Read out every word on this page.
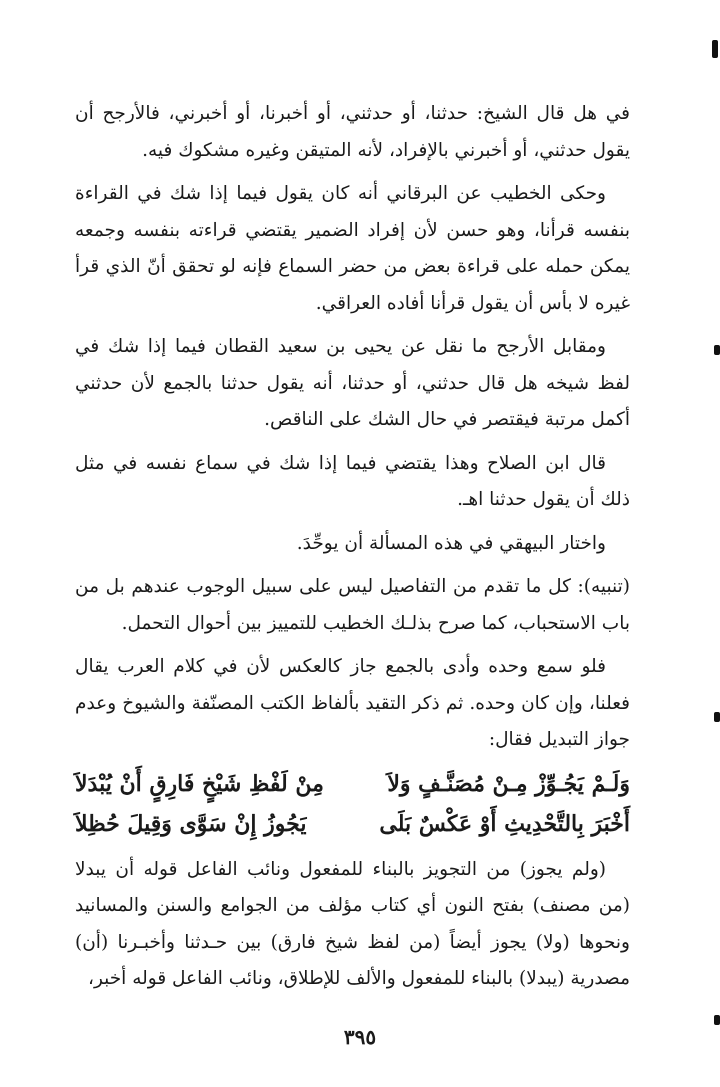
في هل قال الشيخ: حدثنا، أو حدثني، أو أخبرنا، أو أخبرني، فالأرجح أن يقول حدثني، أو أخبرني بالإفراد، لأنه المتيقن وغيره مشكوك فيه.

وحكى الخطيب عن البرقاني أنه كان يقول فيما إذا شك في القراءة بنفسه قرأنا، وهو حسن لأن إفراد الضمير يقتضي قراءته بنفسه وجمعه يمكن حمله على قراءة بعض من حضر السماع فإنه لو تحقق أنّ الذي قرأ غيره لا بأس أن يقول قرأنا أفاده العراقي.

ومقابل الأرجح ما نقل عن يحيى بن سعيد القطان فيما إذا شك في لفظ شيخه هل قال حدثني، أو حدثنا، أنه يقول حدثنا بالجمع لأن حدثني أكمل مرتبة فيقتصر في حال الشك على الناقص.

قال ابن الصلاح وهذا يقتضي فيما إذا شك في سماع نفسه في مثل ذلك أن يقول حدثنا اهـ.

واختار البيهقي في هذه المسألة أن يوحِّدَ.

(تنبيه): كل ما تقدم من التفاصيل ليس على سبيل الوجوب عندهم بل من باب الاستحباب، كما صرح بذلـك الخطيب للتمييز بين أحوال التحمل.

فلو سمع وحده وأدى بالجمع جاز كالعكس لأن في كلام العرب يقال فعلنا، وإن كان وحده. ثم ذكر التقيد بألفاظ الكتب المصنّفة والشيوخ وعدم جواز التبديل فقال:

وَلَـمْ يَجُـوِّزْ مِـنْ مُصَنَّـفٍ وَلاَ
مِنْ لَفْظِ شَيْخٍ فَارِقٍ أَنْ يُبْدَلاَ
أَخْبَرَ بِالتَّحْدِيثِ أَوْ عَكْسٌ بَلَى
يَجُوزُ إِنْ سَوَّى وَقِيلَ حُظِلاَ

(ولم يجوز) من التجويز بالبناء للمفعول ونائب الفاعل قوله أن يبدلا (من مصنف) بفتح النون أي كتاب مؤلف من الجوامع والسنن والمسانيد ونحوها (ولا) يجوز أيضاً (من لفظ شيخ فارق) بين حـدثنا وأخبـرنا (أن) مصدرية (يبدلا) بالبناء للمفعول والألف للإطلاق، ونائب الفاعل قوله أخبر،

٣٩٥
